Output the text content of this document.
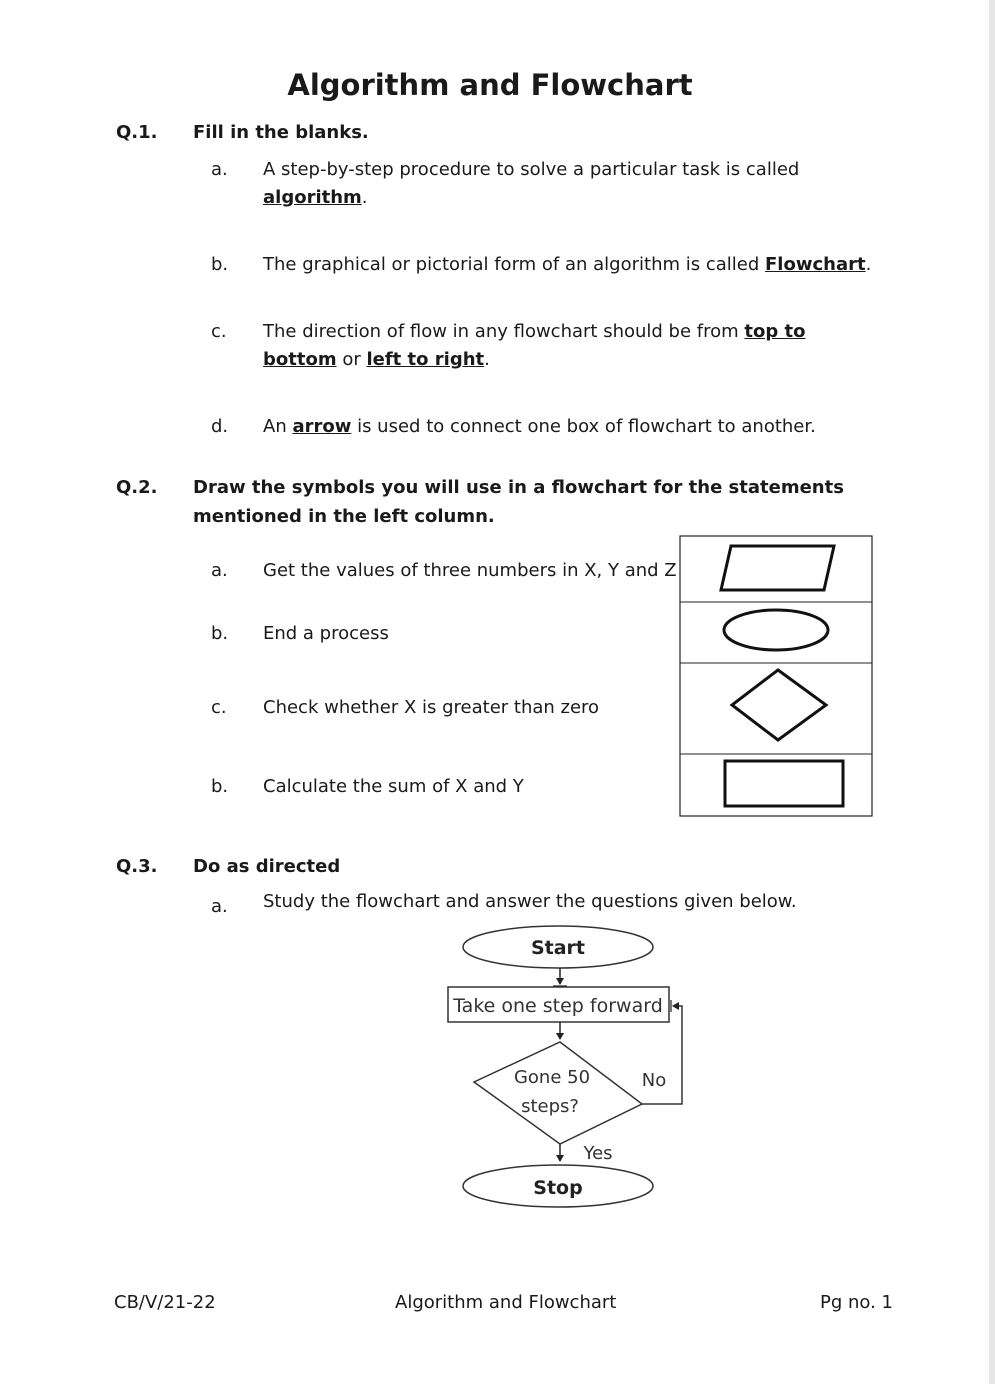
Algorithm and Flowchart
Q.1. Fill in the blanks.
a. A step-by-step procedure to solve a particular task is called
algorithm.
b. The graphical or pictorial form of an algorithm is called Flowchart.
c. The direction of flow in any flowchart should be from top to
bottom or left to right.
d. An arrow is used to connect one box of flowchart to another.
Q.2. Draw the symbols you will use in a flowchart for the statements
mentioned in the left column.
a. Get the values of three numbers in X, Y and Z
b. End a process
c. Check whether X is greater than zero
b. Calculate the sum of X and Y
Q.3. Do as directed
a. Study the flowchart and answer the questions given below.
Start
Take one step forward
Gone 50
steps?
No
Yes
Stop
CB/V/21-22	Algorithm and Flowchart	Pg no. 1
